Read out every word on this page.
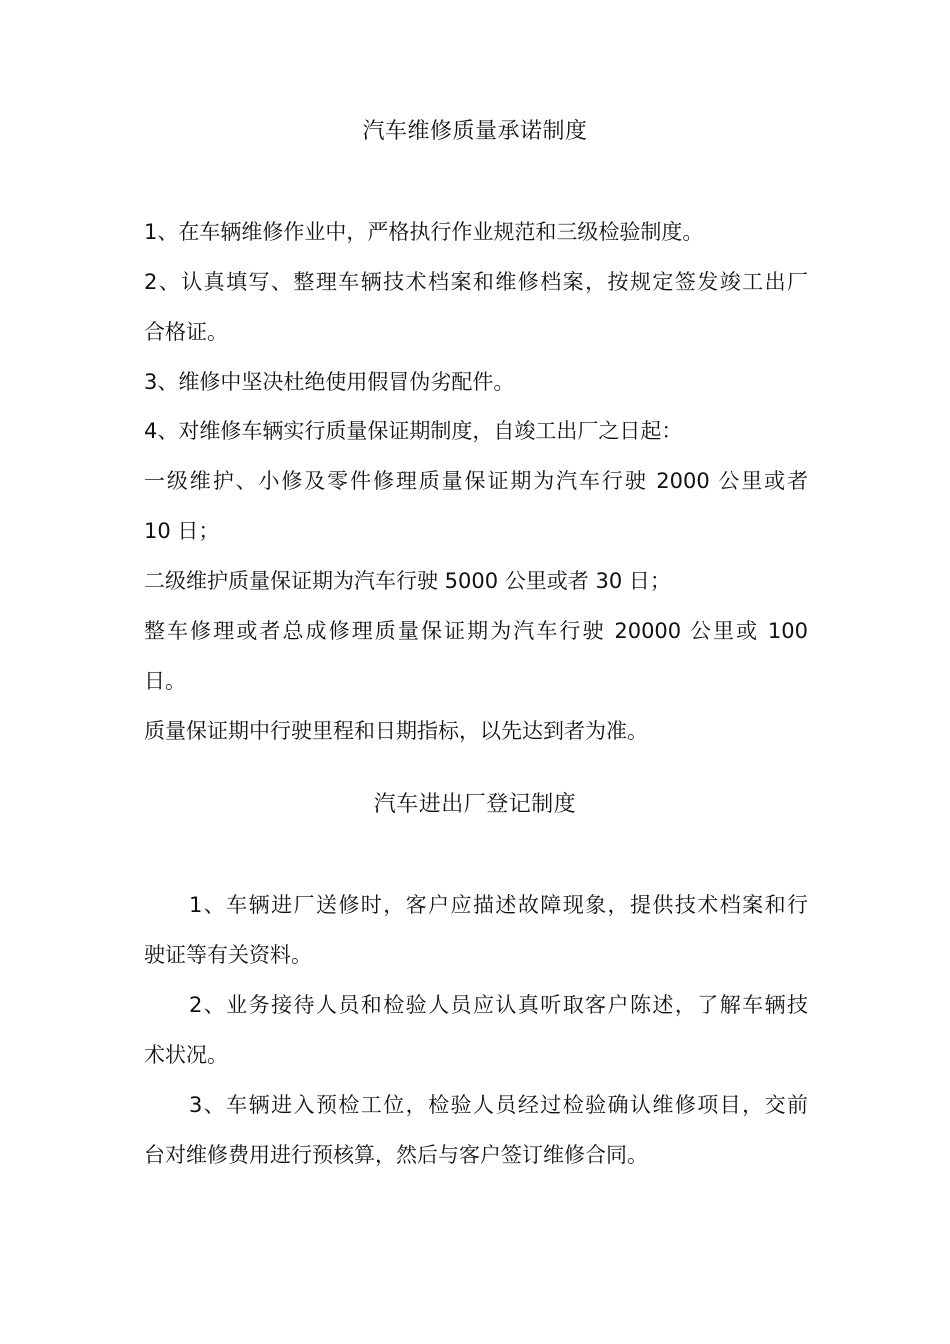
汽车维修质量承诺制度
1、在车辆维修作业中，严格执行作业规范和三级检验制度。
2、认真填写、整理车辆技术档案和维修档案，按规定签发竣工出厂
合格证。
3、维修中坚决杜绝使用假冒伪劣配件。
4、对维修车辆实行质量保证期制度，自竣工出厂之日起：
一级维护、小修及零件修理质量保证期为汽车行驶 2000 公里或者
10 日；
二级维护质量保证期为汽车行驶 5000 公里或者 30 日；
整车修理或者总成修理质量保证期为汽车行驶 20000 公里或 100
日。
质量保证期中行驶里程和日期指标，以先达到者为准。
汽车进出厂登记制度
1、车辆进厂送修时，客户应描述故障现象，提供技术档案和行
驶证等有关资料。
2、业务接待人员和检验人员应认真听取客户陈述，了解车辆技
术状况。
3、车辆进入预检工位，检验人员经过检验确认维修项目，交前
台对维修费用进行预核算，然后与客户签订维修合同。
